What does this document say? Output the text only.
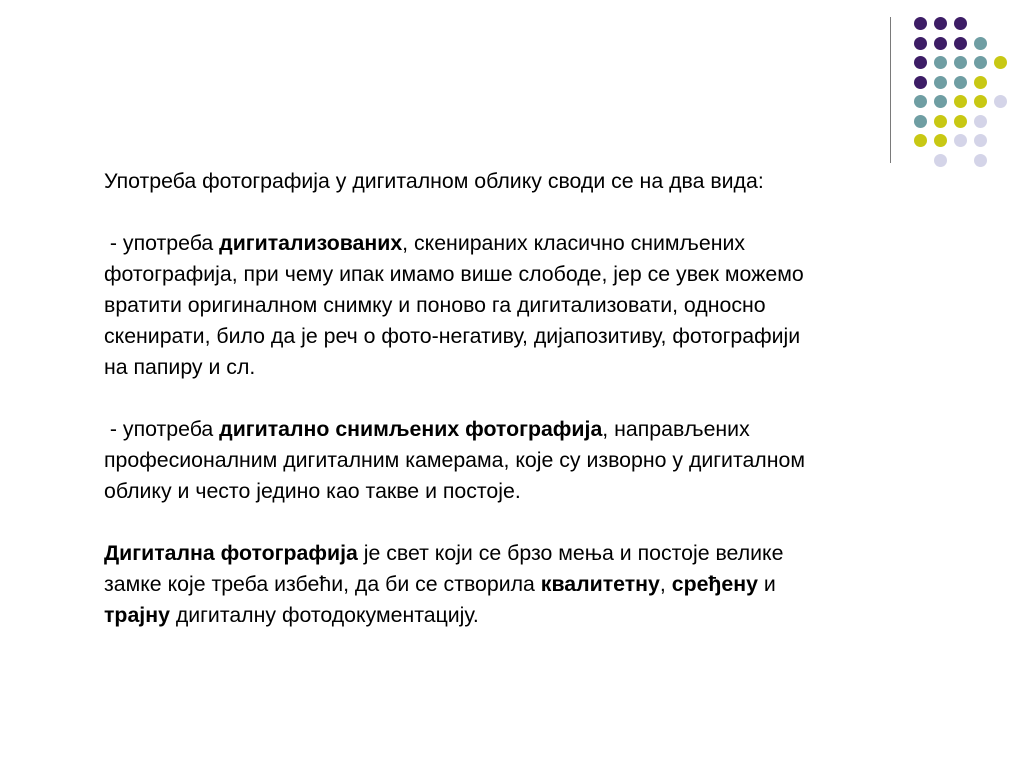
Употреба фотографија у дигиталном облику своди се на два вида:

- употреба дигитализованих, скенираних класично снимљених

фотографија, при чему ипак имамо више слободе, јер се увек можемо

вратити оригиналном снимку и поново га дигитализовати, односно

скенирати, било да је реч о фото-негативу, дијапозитиву, фотографији

на папиру и сл.

- употреба дигитално снимљених фотографија, направљених

професионалним дигиталним камерама, које су изворно у дигиталном

облику и често једино као такве и постоје.

Дигитална фотографија је свет који се брзо мења и постоје велике

замке које треба избећи, да би се створила квалитетну, сређену и

трајну дигиталну фотодокументацију.
